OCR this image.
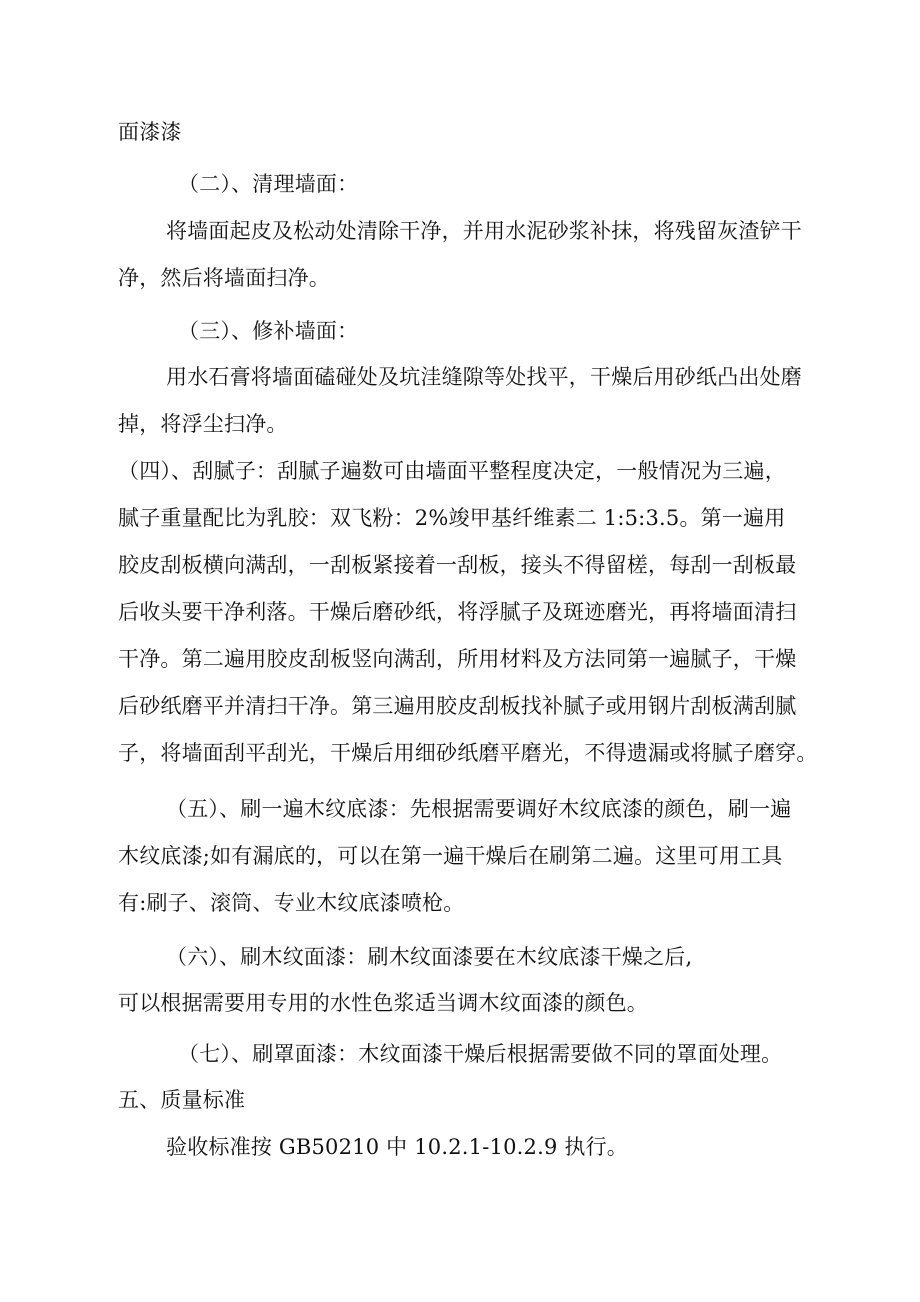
面漆漆
（二）、清理墙面：
将墙面起皮及松动处清除干净，并用水泥砂浆补抹，将残留灰渣铲干
净，然后将墙面扫净。
（三）、修补墙面：
用水石膏将墙面磕碰处及坑洼缝隙等处找平，干燥后用砂纸凸出处磨
掉，将浮尘扫净。
（四）、刮腻子：刮腻子遍数可由墙面平整程度决定，一般情况为三遍，
腻子重量配比为乳胶：双飞粉：2%竣甲基纤维素二 1:5:3.5。第一遍用
胶皮刮板横向满刮，一刮板紧接着一刮板，接头不得留槎，每刮一刮板最
后收头要干净利落。干燥后磨砂纸，将浮腻子及斑迹磨光，再将墙面清扫
干净。第二遍用胶皮刮板竖向满刮，所用材料及方法同第一遍腻子，干燥
后砂纸磨平并清扫干净。第三遍用胶皮刮板找补腻子或用钢片刮板满刮腻
子，将墙面刮平刮光，干燥后用细砂纸磨平磨光，不得遗漏或将腻子磨穿。
（五）、刷一遍木纹底漆：先根据需要调好木纹底漆的颜色，刷一遍
木纹底漆;如有漏底的，可以在第一遍干燥后在刷第二遍。这里可用工具
有:刷子、滚筒、专业木纹底漆喷枪。
（六）、刷木纹面漆：刷木纹面漆要在木纹底漆干燥之后,
可以根据需要用专用的水性色浆适当调木纹面漆的颜色。
（七）、刷罩面漆：木纹面漆干燥后根据需要做不同的罩面处理。
五、质量标准
验收标准按 GB50210 中 10.2.1-10.2.9 执行。
